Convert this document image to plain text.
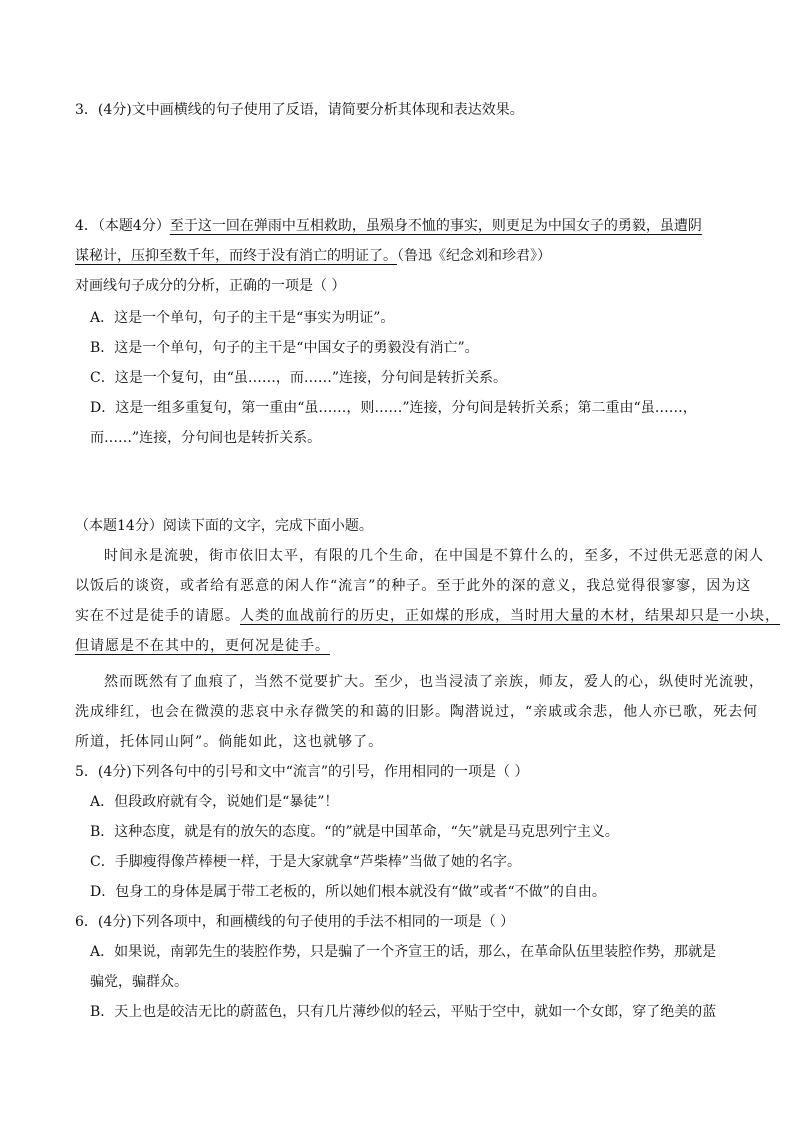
3．(4分)文中画横线的句子使用了反语，请简要分析其体现和表达效果。
4．（本题4分）至于这一回在弹雨中互相救助，虽殒身不恤的事实，则更足为中国女子的勇毅，虽遭阴
谋秘计，压抑至数千年，而终于没有消亡的明证了。（鲁迅《纪念刘和珍君》）
对画线句子成分的分析，正确的一项是（ ）
A．这是一个单句，句子的主干是“事实为明证”。
B．这是一个单句，句子的主干是“中国女子的勇毅没有消亡”。
C．这是一个复句，由“虽……，而……”连接，分句间是转折关系。
D．这是一组多重复句，第一重由“虽……，则……”连接，分句间是转折关系；第二重由“虽……，
而……”连接，分句间也是转折关系。
（本题14分）阅读下面的文字，完成下面小题。
时间永是流驶，街市依旧太平，有限的几个生命，在中国是不算什么的，至多，不过供无恶意的闲人
以饭后的谈资，或者给有恶意的闲人作“流言”的种子。至于此外的深的意义，我总觉得很寥寥，因为这
实在不过是徒手的请愿。人类的血战前行的历史，正如煤的形成，当时用大量的木材，结果却只是一小块，
但请愿是不在其中的，更何况是徒手。
然而既然有了血痕了，当然不觉要扩大。至少，也当浸渍了亲族，师友，爱人的心，纵使时光流驶，
洗成绯红，也会在微漠的悲哀中永存微笑的和蔼的旧影。陶潜说过，“亲戚或余悲，他人亦已歌，死去何
所道，托体同山阿”。倘能如此，这也就够了。
5．(4分)下列各句中的引号和文中“流言”的引号，作用相同的一项是（ ）
A．但段政府就有令，说她们是“暴徒”！
B．这种态度，就是有的放矢的态度。“的”就是中国革命，“矢”就是马克思列宁主义。
C．手脚瘦得像芦棒梗一样，于是大家就拿“芦柴棒”当做了她的名字。
D．包身工的身体是属于带工老板的，所以她们根本就没有“做”或者“不做”的自由。
6．(4分)下列各项中，和画横线的句子使用的手法不相同的一项是（ ）
A．如果说，南郭先生的装腔作势，只是骗了一个齐宣王的话，那么，在革命队伍里装腔作势，那就是
骗党，骗群众。
B．天上也是皎洁无比的蔚蓝色，只有几片薄纱似的轻云，平贴于空中，就如一个女郎，穿了绝美的蓝
